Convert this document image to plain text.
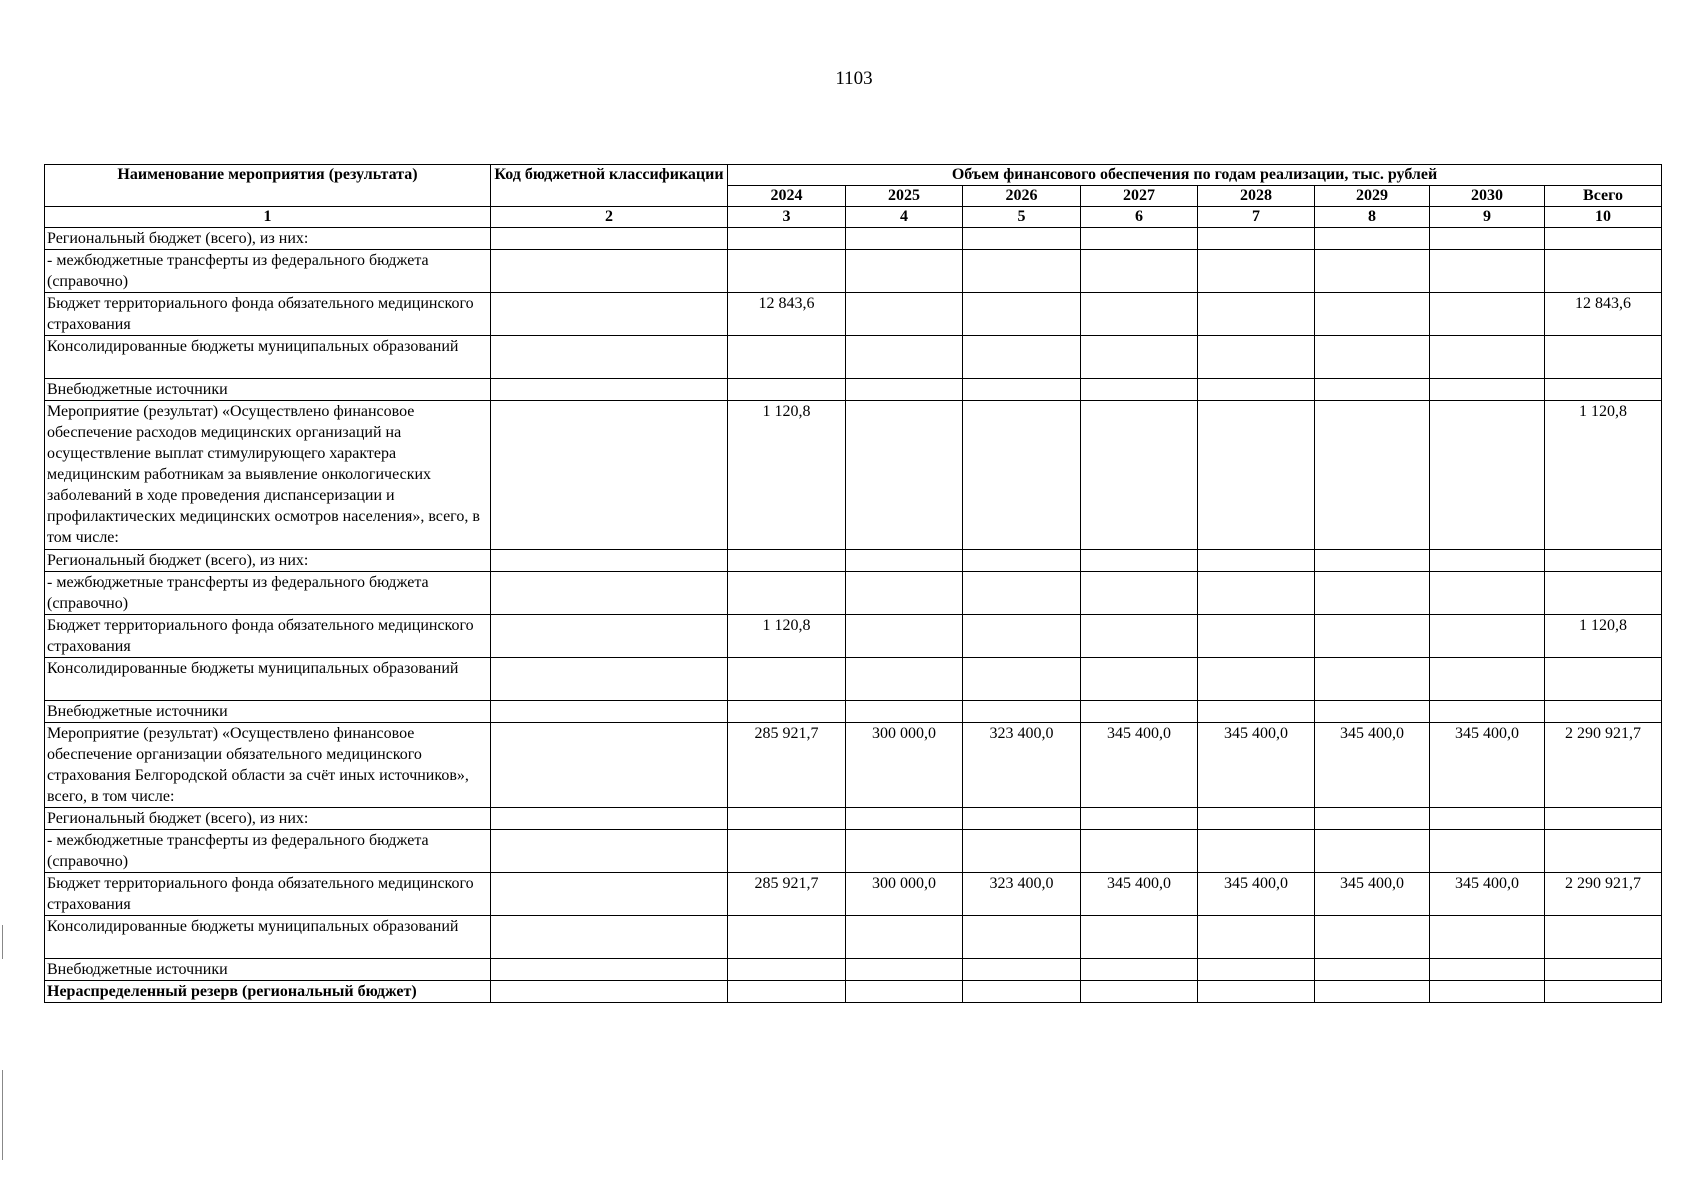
1103
Наименование мероприятия (результата)	Код бюджетной классификации	Объем финансового обеспечения по годам реализации, тыс. рублей							
		2024	2025	2026	2027	2028	2029	2030	Всего
1	2	3	4	5	6	7	8	9	10
Региональный бюджет (всего), из них:									
- межбюджетные трансферты из федерального бюджета (справочно)									
Бюджет территориального фонда обязательного медицинского страхования		12 843,6							12 843,6
Консолидированные бюджеты муниципальных образований									
Внебюджетные источники									
Мероприятие (результат) «Осуществлено финансовое обеспечение расходов медицинских организаций на осуществление выплат стимулирующего характера медицинским работникам за выявление онкологических заболеваний в ходе проведения диспансеризации и профилактических медицинских осмотров населения», всего, в том числе:		1 120,8							1 120,8
Региональный бюджет (всего), из них:									
- межбюджетные трансферты из федерального бюджета (справочно)									
Бюджет территориального фонда обязательного медицинского страхования		1 120,8							1 120,8
Консолидированные бюджеты муниципальных образований									
Внебюджетные источники									
Мероприятие (результат) «Осуществлено финансовое обеспечение организации обязательного медицинского страхования Белгородской области за счёт иных источников», всего, в том числе:		285 921,7	300 000,0	323 400,0	345 400,0	345 400,0	345 400,0	345 400,0	2 290 921,7
Региональный бюджет (всего), из них:									
- межбюджетные трансферты из федерального бюджета (справочно)									
Бюджет территориального фонда обязательного медицинского страхования		285 921,7	300 000,0	323 400,0	345 400,0	345 400,0	345 400,0	345 400,0	2 290 921,7
Консолидированные бюджеты муниципальных образований									
Внебюджетные источники									
Нераспределенный резерв (региональный бюджет)									
